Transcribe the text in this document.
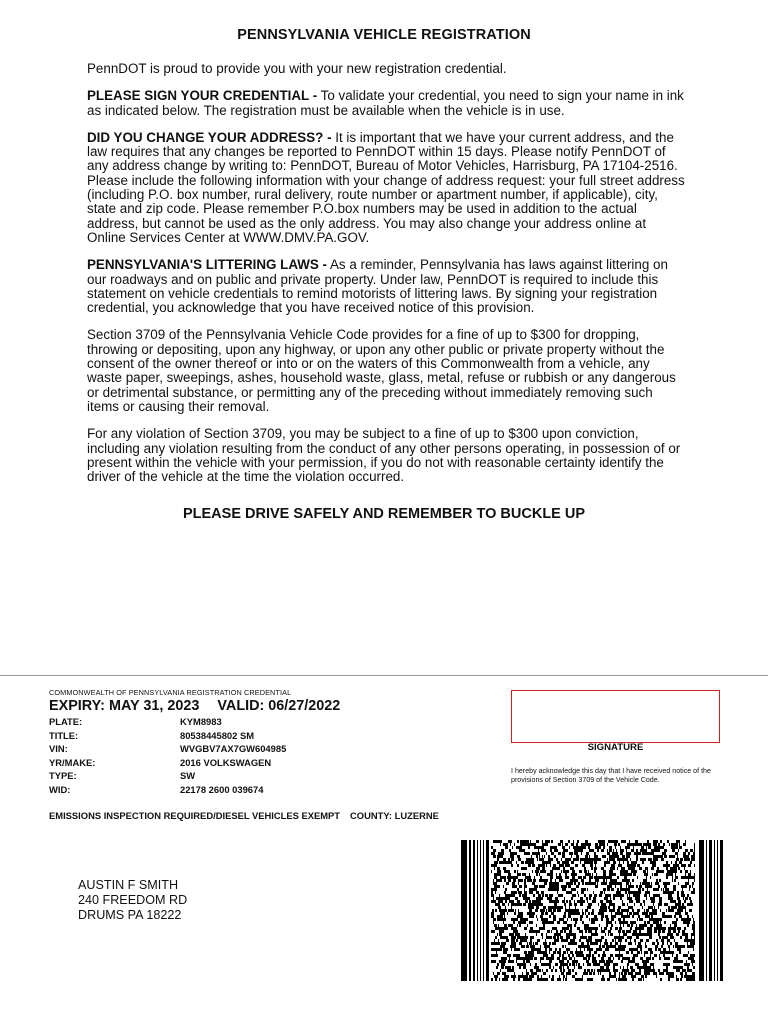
PENNSYLVANIA VEHICLE REGISTRATION

PennDOT is proud to provide you with your new registration credential.

PLEASE SIGN YOUR CREDENTIAL - To validate your credential, you need to sign your name in ink as indicated below. The registration must be available when the vehicle is in use.

DID YOU CHANGE YOUR ADDRESS? - It is important that we have your current address, and the law requires that any changes be reported to PennDOT within 15 days. Please notify PennDOT of any address change by writing to: PennDOT, Bureau of Motor Vehicles, Harrisburg, PA 17104-2516. Please include the following information with your change of address request: your full street address (including P.O. box number, rural delivery, route number or apartment number, if applicable), city, state and zip code. Please remember P.O.box numbers may be used in addition to the actual address, but cannot be used as the only address. You may also change your address online at Online Services Center at WWW.DMV.PA.GOV.

PENNSYLVANIA'S LITTERING LAWS - As a reminder, Pennsylvania has laws against littering on our roadways and on public and private property. Under law, PennDOT is required to include this statement on vehicle credentials to remind motorists of littering laws. By signing your registration credential, you acknowledge that you have received notice of this provision.

Section 3709 of the Pennsylvania Vehicle Code provides for a fine of up to $300 for dropping, throwing or depositing, upon any highway, or upon any other public or private property without the consent of the owner thereof or into or on the waters of this Commonwealth from a vehicle, any waste paper, sweepings, ashes, household waste, glass, metal, refuse or rubbish or any dangerous or detrimental substance, or permitting any of the preceding without immediately removing such items or causing their removal.

For any violation of Section 3709, you may be subject to a fine of up to $300 upon conviction, including any violation resulting from the conduct of any other persons operating, in possession of or present within the vehicle with your permission, if you do not with reasonable certainty identify the driver of the vehicle at the time the violation occurred.

PLEASE DRIVE SAFELY AND REMEMBER TO BUCKLE UP
COMMONWEALTH OF PENNSYLVANIA REGISTRATION CREDENTIAL
EXPIRY: MAY 31, 2023 VALID: 06/27/2022
PLATE:	KYM8983
TITLE:	80538445802 SM
VIN:	WVGBV7AX7GW604985
YR/MAKE:	2016 VOLKSWAGEN
TYPE:	SW
WID:	22178 2600 039674
SIGNATURE
I hereby acknowledge this day that I have received notice of the provisions of Section 3709 of the Vehicle Code.
EMISSIONS INSPECTION REQUIRED/DIESEL VEHICLES EXEMPT COUNTY: LUZERNE
AUSTIN F SMITH
240 FREEDOM RD
DRUMS PA 18222
